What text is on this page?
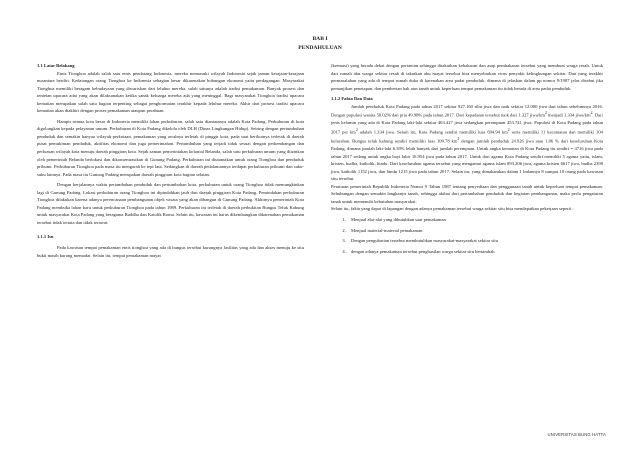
BAB I
PENDAHULUAN

1.1 Latar Belakang

Etnis Tionghoa adalah salah satu etnis pendatang Indonesia, mereka memasuki wilayah Indonesia sejak jaman kerajaan-kerajaan nusantara berdiri. Kedatangan orang Tionghoa ke Indonesia sebagian besar dikarenakan hubungan ekonomi yaitu perdagangan. Masyarakat Tionghoa memiliki beragam kebudayaan yang diwariskan dari leluhur mereka, salah satunya adalah tradisi pemakaman. Banyak prosesi dan tentetan upacara adat yang akan dilaksanakan ketika sanak keluarga mereka ada yang meninggal. Bagi masyarakat Tionghoa tradisi upacara kematian merupakan salah satu bagian terpenting sebagai penghormatan terakhir kepada leluhur mereka. Akhir dari prosesi tradisi upacara kematian akan diakhiri dengan proses pemakaman ataupun perabuan.

Hampir semua kota besar di Indonesia memiliki lahan perkuburan, salah satu diantaranya adalah Kota Padang. Perkuburan di kota digolongkan kepada pelayanan umum. Perkuburan di Kota Padang dikelola oleh DLH (Dinas Lingkungan Hidup). Seiring dengan pertumbuhan penduduk dan semakin banyaa wilayah perkotaan, pemakaman yang awalnya terletak di pinggir kota, pada saat berikutnya terletak di daerah pusat pemukiman penduduk, aktifitas ekonomi dan juga pemerintahan. Pertumbuhan yang terjadi tidak sesuai dengan perkembangan dan perluasan wilayah kota menuju daerah pinggiran kota. Sejak zaman pemerintahan kolonial Belanda, salah satu perkuburan umum yang diizinkan oleh pemerintah Belanda berlokasi dan dikonsentrasikan di Gunung Padang. Perkuburan ini diutamakan untuk orang Tionghoa dan penduduk pribumi. Perkuburan Tionghoa pada masa itu mengarah ke tepi laut. Sedangkan di daerah pedalamannya terdapat perkuburan pribumi dan suku-suku lainnya. Pada masa itu Gunung Padang merupakan daerah pinggiran kota bagian selatan.

Dengan berjalannya waktu pertambahan penduduk dan pertumbuhan kota, perkuburan untuk orang Tionghoa tidak memungkinkan lagi di Gunung Padang. Lokasi perkuburan orang Tionghoa ini dipindahkan jauh dari daerah pinggiran Kota Padang. Pemindahan perkuburan Tionghoa dilakukan karena adanya perencanaan pembangunan objek wisata yang akan dibangun di Gunung Padang. Akhirnya pemerintah Kota Padang membuka lahan baru untuk perkuburan Tionghoa pada tahun 1989. Perkuburan ini terletak di daerah perbukitan Bungus Teluk Kabung untuk masyarakat Kota Padang yang beragama Buddha dan Katolik Roma. Selain itu, kawasan ini harus dikembangkan dikarenakan pemakaman tersebut tidak tertata dan tidak terawat.

1.1.1 Isu

Pada kawasan tempat pemakaman etnis tionghoa yang ada di bungus tersebut kurangnya fasilitas yang ada dan akses menuju ke situ bukit masih kurang memadai. Selain itu, tempat pemakaman mayat

(kremasi) yang berada dekat dengan pertanian sehingga ditakutkan kebakaran dan asap pembakaran tersebut yang membuat warga resah. Untuk dari rumah abu warga sekitar resah di takutkan abu mayat tersebut bisa menyebarkan virus penyakit kelingkungan sekitar. Dan yang terakhir permasalahan yang ada di tempat rumah duka di karenakan area padat penduduk, dimana di jelaskan dalam pp nomor 9/1987 jelas disebut jika pemanjikan penetapan, dan pemberian hak atas tanah untuk keperluan tempat pemakaman itu tidak berada di area padat penduduk.

1.1.2 Fakta Dan Data

Jumlah penduduk Kota Padang pada tahun 2017 sekitar 927.160 ribu jiwa dan naik sekitar 12.000 jiwa dari tahun sebelumnya 2016. Dengan populasi wanita 50.02% dan pria 49.98% pada tahun 2017. Dari kepadatan tersebut naik dari 1.327 jiwa/$km^2$ menjadi 1.334 jiwa/$km^2$. Dari jenis kelamin yang ada di Kota Padang laki-laki sekitar 463.427 jiwa sedangkan perempuan 453.741 jiwa. Populasi di Kota Padang pada tahun 2017 per $km^2$ adalah 1.334 jiwa. Selain itu, Kota Padang sendiri memiliki luas 694.94 $km^2$ serta memiliki 11 kecamatan dan memiliki 104 kelurahan. Bungus teluk kabung sendiri memiliki luas 100.78 $km^2$ dengan jumlah penduduk 24.926 jiwa atau 1,06 % dari keseluruhan Kota Padang, dimana jumlah laki-laki 6.39% lebih banyak dari jumlah perempuan. Untuk angka kematian di Kota Padang itu sendiri = 4716 jiwa pada tahun 2017 sedang untuk angka bayi lahir 16.954 jiwa pada tahun 2017. Untuk dari agama Kota Padang sendiri memiliki 5 agama yaitu, islam, kristen, budha, katholik, hindu. Dari keseluruhan agama tersebut yang mengamut agama islam 893.206 jiwa, agama kristen 6617 jiwa, budha 2390 jiwa, katholik 1152 jiwa, dan hindu 1215 jiwa pada tahun 2017. Selain itu, yang dimakamkan dalam 1 bulannya 8 sampai 10 orang pada kawasan situ tersebut.

Peraturan pemerintah Republik Indonesia Nomor 9 Tahun 1987 tentang penyediaan dan penggunaan tanah untuk keperluan tempat pemakaman. Sehubungan dengan semakin langkanya tanah, sehingga akibat dari pertambahan penduduk dan kegiatan pembangunan, maka perlu pengaturan tanah untuk memenuhi kebutuhan masyarakat.

Selain itu, fakta yang dapat di lapangan dengan adanya pemakaman tersebut warga sekitar situ bisa mendapatkan pekerjaan seperti :

1. Menjual alat-alat yang dibutuhkan saat pemakaman
2. Menjual material-material pemakaman
3. Dengan pengubarian tersebut membutuhkan masyarakat-masyarakat sekitar situ
4. dengan adanya pemakaman tersebut penghasilan warga sekitar situ bertambah
UNIVERSITAS BUNG HATTA
